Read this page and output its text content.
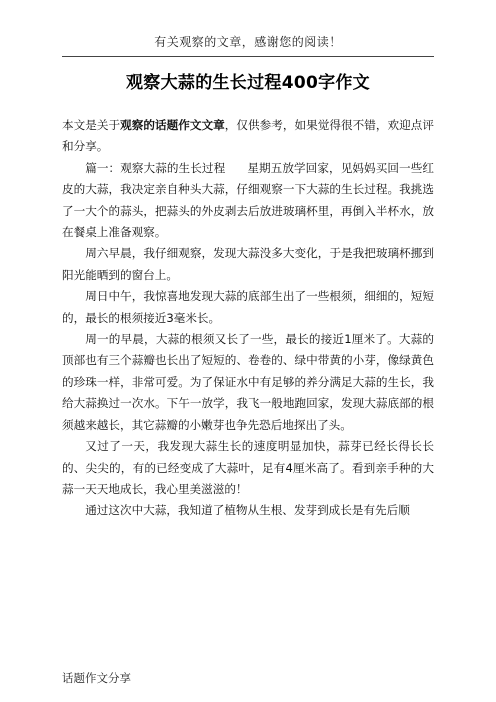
有关观察的文章，感谢您的阅读！
观察大蒜的生长过程400字作文

本文是关于观察的话题作文文章，仅供参考，如果觉得很不错，欢迎点评和分享。

篇一：观察大蒜的生长过程 星期五放学回家，见妈妈买回一些红皮的大蒜，我决定亲自种头大蒜，仔细观察一下大蒜的生长过程。我挑选了一大个的蒜头，把蒜头的外皮剥去后放进玻璃杯里，再倒入半杯水，放在餐桌上准备观察。

周六早晨，我仔细观察，发现大蒜没多大变化，于是我把玻璃杯挪到阳光能晒到的窗台上。

周日中午，我惊喜地发现大蒜的底部生出了一些根须，细细的，短短的，最长的根须接近3毫米长。

周一的早晨，大蒜的根须又长了一些，最长的接近1厘米了。大蒜的顶部也有三个蒜瓣也长出了短短的、卷卷的、绿中带黄的小芽，像绿黄色的珍珠一样，非常可爱。为了保证水中有足够的养分满足大蒜的生长，我给大蒜换过一次水。下午一放学，我飞一般地跑回家，发现大蒜底部的根须越来越长，其它蒜瓣的小嫩芽也争先恐后地探出了头。

又过了一天，我发现大蒜生长的速度明显加快，蒜芽已经长得长长的、尖尖的，有的已经变成了大蒜叶，足有4厘米高了。看到亲手种的大蒜一天天地成长，我心里美滋滋的！

通过这次中大蒜，我知道了植物从生根、发芽到成长是有先后顺

话题作文分享
